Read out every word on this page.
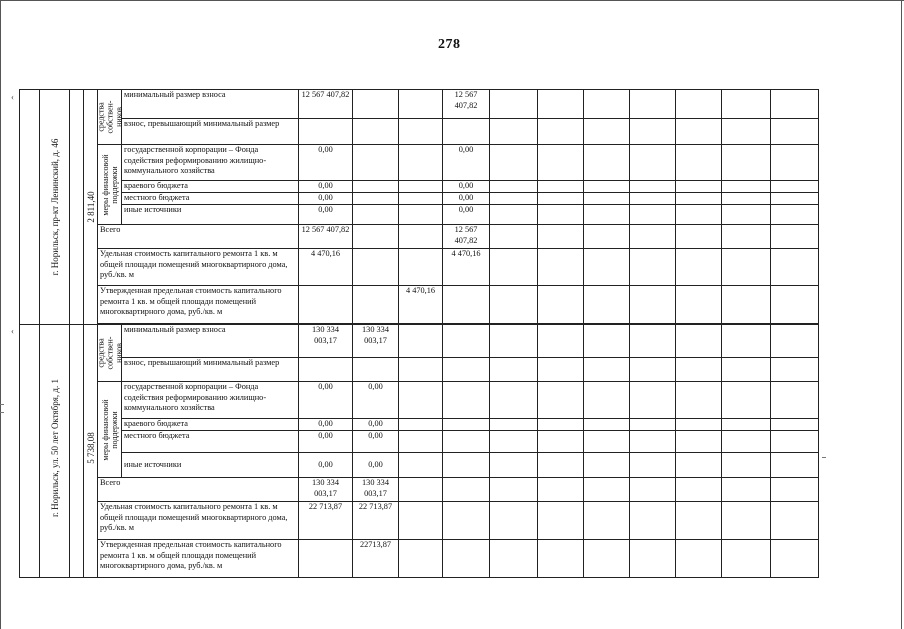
278
‹
‹

	г. Норильск, пр-кт Ленинский, д. 46		2 811,40	средства собствен-ников	минимальный размер взноса	12 567 407,82			12 567 407,82							
					взнос, превышающий минимальный размер											

				меры финансовой поддержки	государственной корпорации – Фонда содействия реформированию жилищно-коммунального хозяйства	0,00			0,00							
					краевого бюджета	0,00			0,00							
					местного бюджета	0,00			0,00							
					иные источники	0,00			0,00							
				Всего		12 567 407,82			12 567 407,82							
				Удельная стоимость капитального ремонта 1 кв. м общей площади помещений многоквартирного дома, руб./кв. м		4 470,16			4 470,16							
				Утвержденная предельная стоимость капитального ремонта 1 кв. м общей площади помещений многоквартирного дома, руб./кв. м				4 470,16								

	г. Норильск, ул. 50 лет Октября, д. 1		5 738,08	средства собствен-ников	минимальный размер взноса	130 334 003,17	130 334 003,17									
					взнос, превышающий минимальный размер											

				меры финансовой поддержки	государственной корпорации – Фонда содействия реформированию жилищно-коммунального хозяйства	0,00	0,00									
					краевого бюджета	0,00	0,00									
					местного бюджета	0,00	0,00									
					иные источники	0,00	0,00									
				Всего		130 334 003,17	130 334 003,17									
				Удельная стоимость капитального ремонта 1 кв. м общей площади помещений многоквартирного дома, руб./кв. м		22 713,87	22 713,87									
				Утвержденная предельная стоимость капитального ремонта 1 кв. м общей площади помещений многоквартирного дома, руб./кв. м			22713,87									
